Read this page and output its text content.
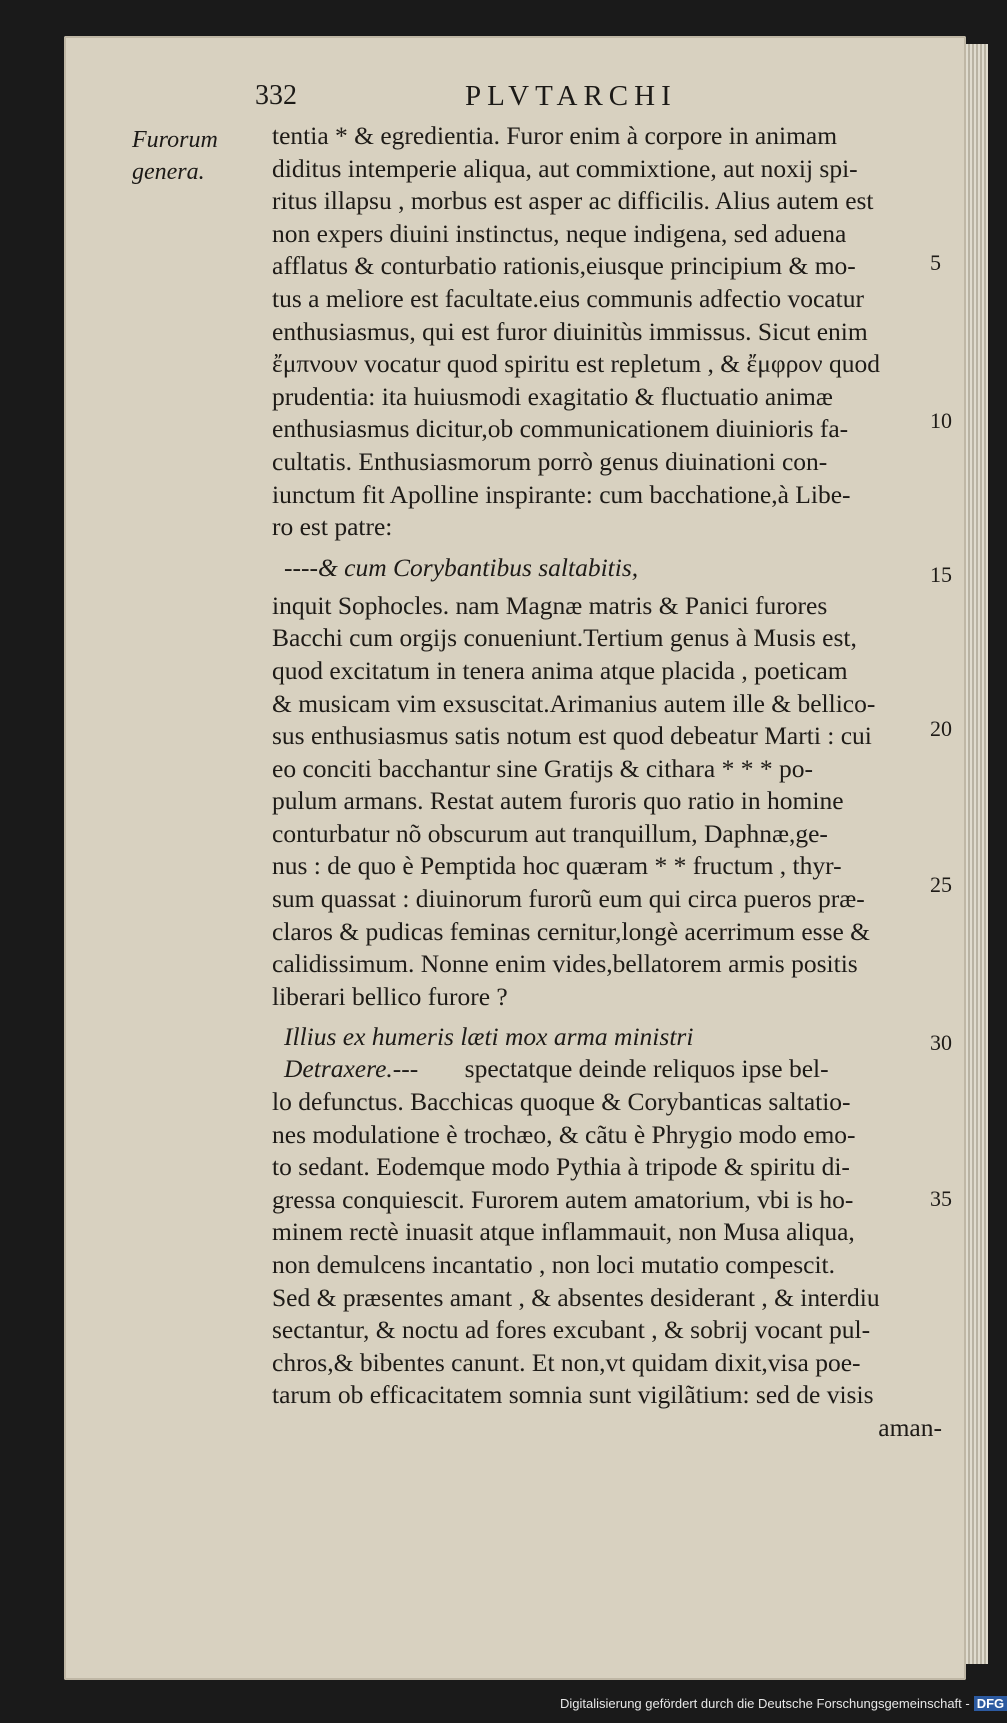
332	PLVTARCHI
Furorum
genera.
tentia * & egredientia. Furor enim à corpore in animam
diditus intemperie aliqua, aut commixtione, aut noxij spi-
ritus illapsu , morbus est asper ac difficilis. Alius autem est
non expers diuini instinctus, neque indigena, sed aduena
afflatus & conturbatio rationis,eiusque principium & mo-
tus a meliore est facultate.eius communis adfectio vocatur
enthusiasmus, qui est furor diuinitùs immissus. Sicut enim
ἔμπνουν vocatur quod spiritu est repletum , & ἔμφρον quod
prudentia: ita huiusmodi exagitatio & fluctuatio animæ
enthusiasmus dicitur,ob communicationem diuinioris fa-
cultatis. Enthusiasmorum porrò genus diuinationi con-
iunctum fit Apolline inspirante: cum bacchatione,à Libe-
ro est patre:
----& cum Corybantibus saltabitis,
inquit Sophocles. nam Magnæ matris & Panici furores
Bacchi cum orgijs conueniunt.Tertium genus à Musis est,
quod excitatum in tenera anima atque placida , poeticam
& musicam vim exsuscitat.Arimanius autem ille & bellico-
sus enthusiasmus satis notum est quod debeatur Marti : cui
eo conciti bacchantur sine Gratijs & cithara * * * po-
pulum armans. Restat autem furoris quo ratio in homine
conturbatur nõ obscurum aut tranquillum, Daphnæ,ge-
nus : de quo è Pemptida hoc quæram * * fructum , thyr-
sum quassat : diuinorum furorũ eum qui circa pueros præ-
claros & pudicas feminas cernitur,longè acerrimum esse &
calidissimum. Nonne enim vides,bellatorem armis positis
liberari bellico furore ?
Illius ex humeris læti mox arma ministri
Detraxere.--- spectatque deinde reliquos ipse bel-
lo defunctus. Bacchicas quoque & Corybanticas saltatio-
nes modulatione è trochæo, & cãtu è Phrygio modo emo-
to sedant. Eodemque modo Pythia à tripode & spiritu di-
gressa conquiescit. Furorem autem amatorium, vbi is ho-
minem rectè inuasit atque inflammauit, non Musa aliqua,
non demulcens incantatio , non loci mutatio compescit.
Sed & præsentes amant , & absentes desiderant , & interdiu
sectantur, & noctu ad fores excubant , & sobrij vocant pul-
chros,& bibentes canunt. Et non,vt quidam dixit,visa poe-
tarum ob efficacitatem somnia sunt vigilãtium: sed de visis
aman-
5
10
15
20
25
30
35
Digitalisierung gefördert durch die Deutsche Forschungsgemeinschaft - DFG
